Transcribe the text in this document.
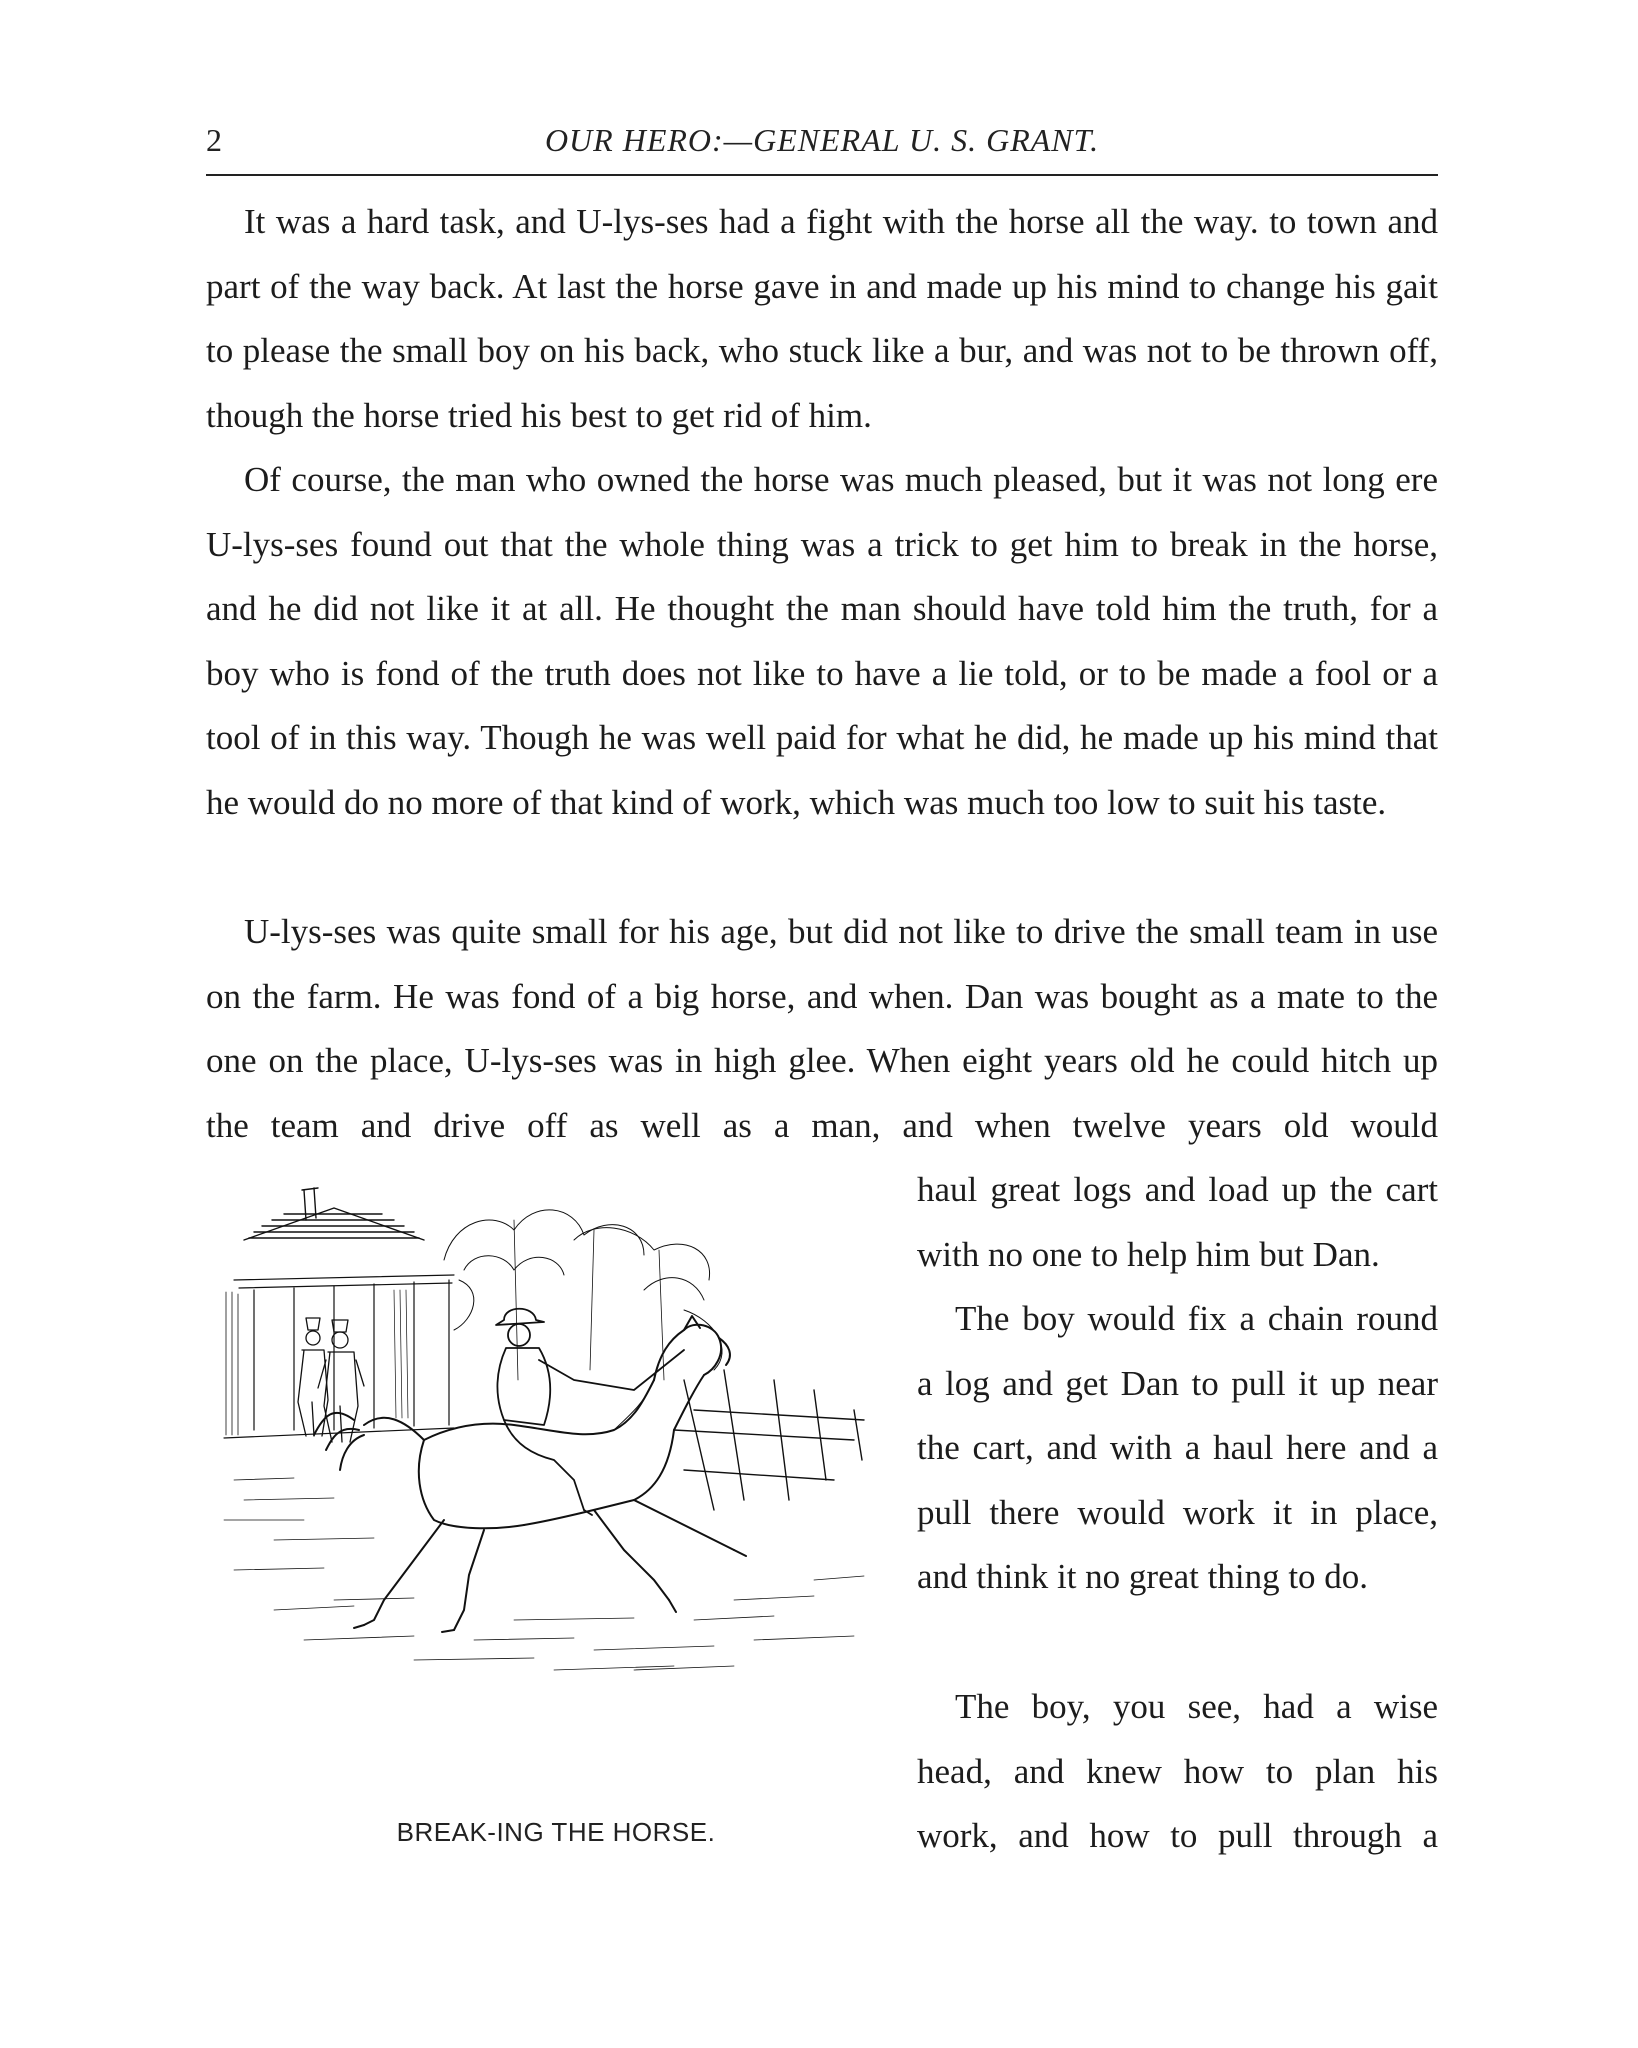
2	OUR HERO:—GENERAL U. S. GRANT.

It was a hard task, and U-lys-ses had a fight with the horse all the way. to town and part of the way back. At last the horse gave in and made up his mind to change his gait to please the small boy on his back, who stuck like a bur, and was not to be thrown off, though the horse tried his best to get rid of him.

Of course, the man who owned the horse was much pleased, but it was not long ere U-lys-ses found out that the whole thing was a trick to get him to break in the horse, and he did not like it at all. He thought the man should have told him the truth, for a boy who is fond of the truth does not like to have a lie told, or to be made a fool or a tool of in this way. Though he was well paid for what he did, he made up his mind that he would do no more of that kind of work, which was much too low to suit his taste.

U-lys-ses was quite small for his age, but did not like to drive the small team in use on the farm. He was fond of a big horse, and when. Dan was bought as a mate to the one on the place, U-lys-ses was in high glee. When eight years old he could hitch up the team and drive off as well as a man, and when twelve years old would

haul great logs and load up the cart with no one to help him but Dan.

The boy would fix a chain round a log and get Dan to pull it up near the cart, and with a haul here and a pull there would work it in place, and think it no great thing to do.

The boy, you see, had a wise head, and knew how to plan his work, and how to pull through a

BREAK-ING THE HORSE.
